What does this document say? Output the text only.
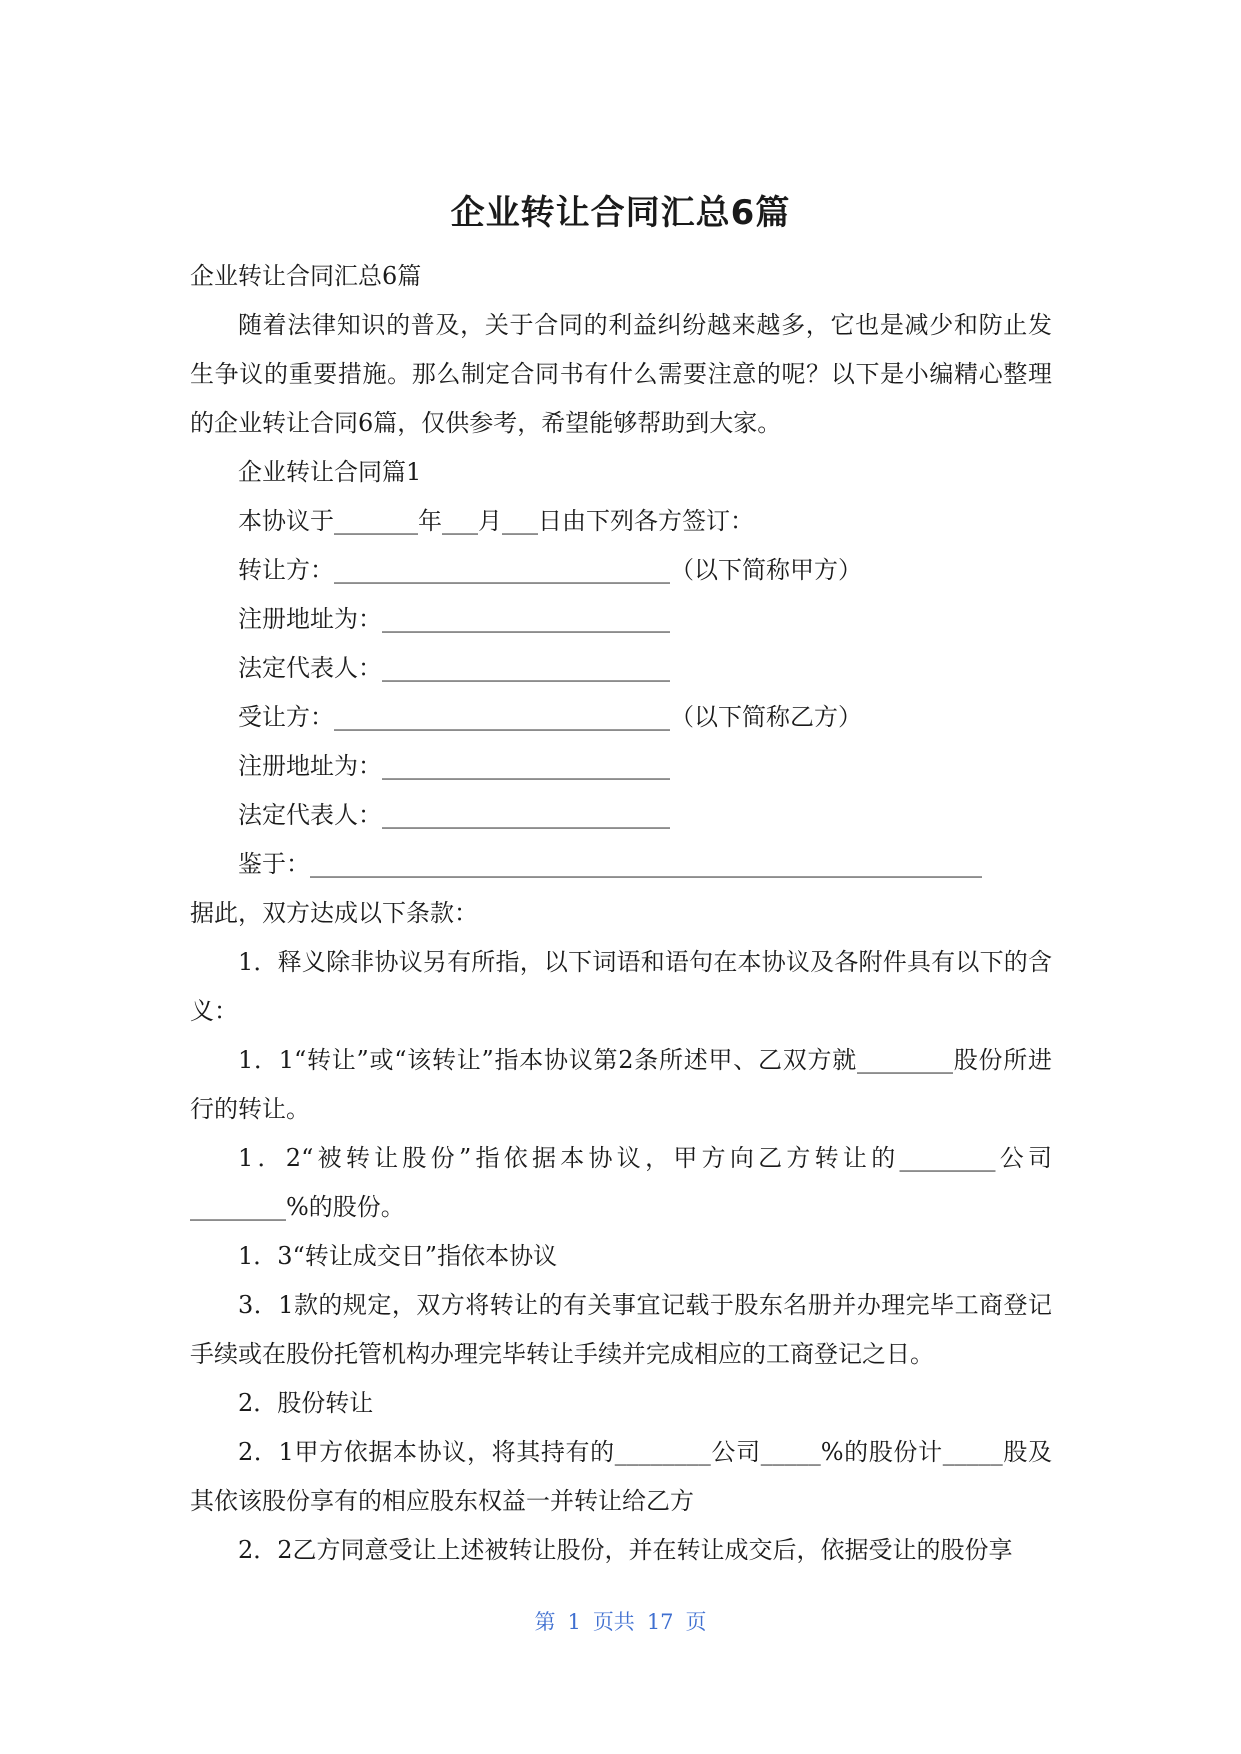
企业转让合同汇总6篇

企业转让合同汇总6篇

随着法律知识的普及，关于合同的利益纠纷越来越多，它也是减少和防止发生争议的重要措施。那么制定合同书有什么需要注意的呢？以下是小编精心整理的企业转让合同6篇，仅供参考，希望能够帮助到大家。

企业转让合同篇1

本协议于_______年___月___日由下列各方签订：

转让方：____________________________（以下简称甲方）

注册地址为：________________________

法定代表人：________________________

受让方：____________________________（以下简称乙方）

注册地址为：________________________

法定代表人：________________________

鉴于：________________________________________________________

据此，双方达成以下条款：

1．释义除非协议另有所指，以下词语和语句在本协议及各附件具有以下的含义：

1．1“转让”或“该转让”指本协议第2条所述甲、乙双方就________股份所进行的转让。

1．2“被转让股份”指依据本协议，甲方向乙方转让的________公司________%的股份。

1．3“转让成交日”指依本协议

3．1款的规定，双方将转让的有关事宜记载于股东名册并办理完毕工商登记手续或在股份托管机构办理完毕转让手续并完成相应的工商登记之日。

2．股份转让

2．1甲方依据本协议，将其持有的________公司_____%的股份计_____股及其依该股份享有的相应股东权益一并转让给乙方

2．2乙方同意受让上述被转让股份，并在转让成交后，依据受让的股份享

第 1 页共 17 页
